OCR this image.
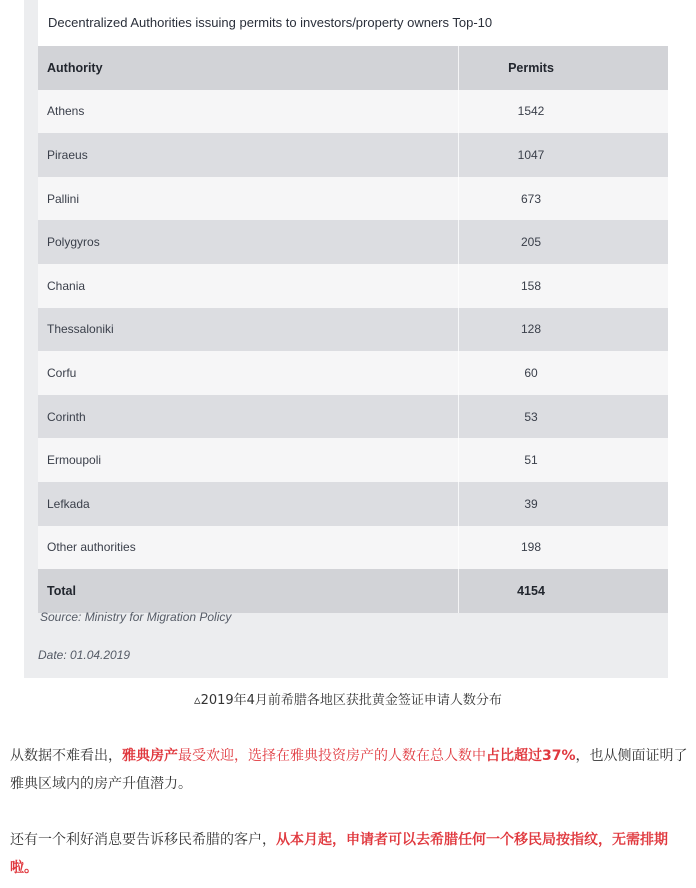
Decentralized Authorities issuing permits to investors/property owners Top-10
Authority	Permits
Athens	1542
Piraeus	1047
Pallini	673
Polygyros	205
Chania	158
Thessaloniki	128
Corfu	60
Corinth	53
Ermoupoli	51
Lefkada	39
Other authorities	198
Total	4154
Source: Ministry for Migration Policy
Date: 01.04.2019
▵2019年4月前希腊各地区获批黄金签证申请人数分布
从数据不难看出，雅典房产最受欢迎，选择在雅典投资房产的人数在总人数中占比超过37%，也从侧面证明了雅典区域内的房产升值潜力。
还有一个利好消息要告诉移民希腊的客户，从本月起，申请者可以去希腊任何一个移民局按指纹，无需排期啦。
